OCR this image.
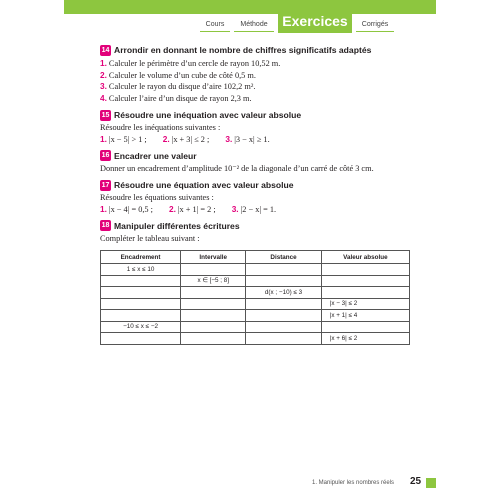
Cours	Méthode	Exercices	Corrigés
14 Arrondir en donnant le nombre de chiffres significatifs adaptés
1. Calculer le périmètre d’un cercle de rayon 10,52 m.
2. Calculer le volume d’un cube de côté 0,5 m.
3. Calculer le rayon du disque d’aire 102,2 m².
4. Calculer l’aire d’un disque de rayon 2,3 m.
15 Résoudre une inéquation avec valeur absolue
Résoudre les inéquations suivantes :
1. |x − 5| > 1 ; 2. |x + 3| ≤ 2 ; 3. |3 − x| ≥ 1.
16 Encadrer une valeur
Donner un encadrement d’amplitude 10⁻² de la diagonale d’un carré de côté 3 cm.
17 Résoudre une équation avec valeur absolue
Résoudre les équations suivantes :
1. |x − 4| = 0,5 ; 2. |x + 1| = 2 ; 3. |2 − x| = 1.
18 Manipuler différentes écritures
Compléter le tableau suivant :
Encadrement	Intervalle	Distance	Valeur absolue
1 ≤ x ≤ 10			
	x ∈ [−5 ; 8]		
		d(x ; −10) ≤ 3	
			|x − 3| ≤ 2
			|x + 1| ≤ 4
−10 ≤ x ≤ −2			
			|x + 6| ≤ 2
1. Manipuler les nombres réels 25
